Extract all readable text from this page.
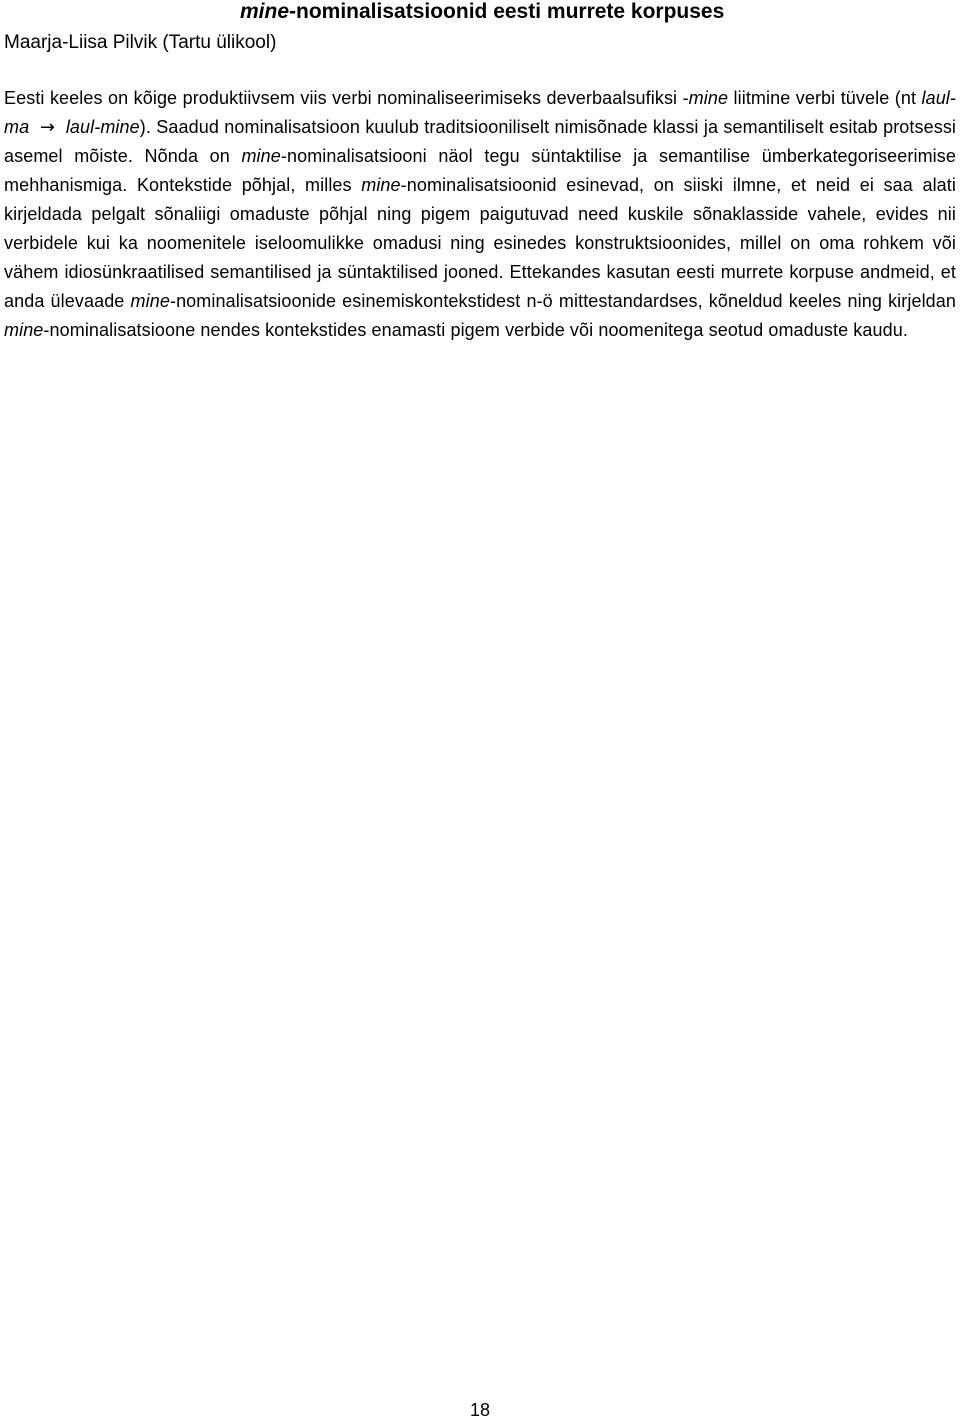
mine-nominalisatsioonid eesti murrete korpuses
Maarja-Liisa Pilvik (Tartu ülikool)

Eesti keeles on kõige produktiivsem viis verbi nominaliseerimiseks deverbaalsufiksi -mine liitmine verbi tüvele (nt laul-ma → laul-mine). Saadud nominalisatsioon kuulub traditsiooniliselt nimisõnade klassi ja semantiliselt esitab protsessi asemel mõiste. Nõnda on mine-nominalisatsiooni näol tegu süntaktilise ja semantilise ümberkategoriseerimise mehhanismiga. Kontekstide põhjal, milles mine-nominalisatsioonid esinevad, on siiski ilmne, et neid ei saa alati kirjeldada pelgalt sõnaliigi omaduste põhjal ning pigem paigutuvad need kuskile sõnaklasside vahele, evides nii verbidele kui ka noomenitele iseloomulikke omadusi ning esinedes konstruktsioonides, millel on oma rohkem või vähem idiosünkraatilised semantilised ja süntaktilised jooned. Ettekandes kasutan eesti murrete korpuse andmeid, et anda ülevaade mine-nominalisatsioonide esinemiskontekstidest n-ö mittestandardses, kõneldud keeles ning kirjeldan mine-nominalisatsioone nendes kontekstides enamasti pigem verbide või noomenitega seotud omaduste kaudu.

18
